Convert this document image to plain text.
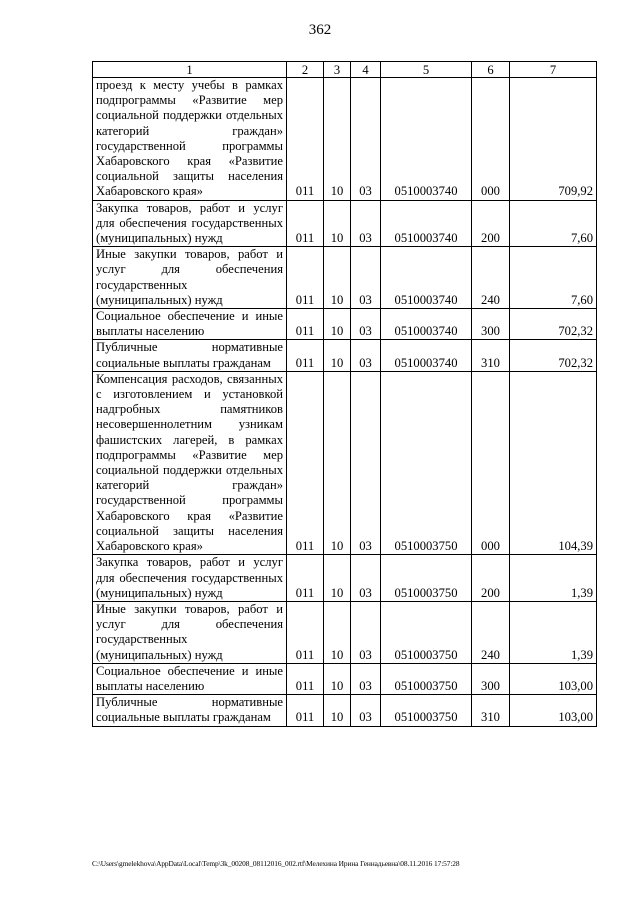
362
1	2	3	4	5	6	7
проезд к месту учебы в рамках подпрограммы «Развитие мер социальной поддержки отдельных категорий граждан» государственной программы Хабаровского края «Развитие социальной защиты населения Хабаровского края»	011	10	03	0510003740	000	709,92
Закупка товаров, работ и услуг для обеспечения государственных (муниципальных) нужд	011	10	03	0510003740	200	7,60
Иные закупки товаров, работ и услуг для обеспечения государственных (муниципальных) нужд	011	10	03	0510003740	240	7,60
Социальное обеспечение и иные выплаты населению	011	10	03	0510003740	300	702,32
Публичные нормативные социальные выплаты гражданам	011	10	03	0510003740	310	702,32
Компенсация расходов, связанных с изготовлением и установкой надгробных памятников несовершеннолетним узникам фашистских лагерей, в рамках подпрограммы «Развитие мер социальной поддержки отдельных категорий граждан» государственной программы Хабаровского края «Развитие социальной защиты населения Хабаровского края»	011	10	03	0510003750	000	104,39
Закупка товаров, работ и услуг для обеспечения государственных (муниципальных) нужд	011	10	03	0510003750	200	1,39
Иные закупки товаров, работ и услуг для обеспечения государственных (муниципальных) нужд	011	10	03	0510003750	240	1,39
Социальное обеспечение и иные выплаты населению	011	10	03	0510003750	300	103,00
Публичные нормативные социальные выплаты гражданам	011	10	03	0510003750	310	103,00
C:\Users\gmelekhova\AppData\Local\Temp\3k_00208_08112016_002.rtf\Мелехина Ирина Геннадьевна\08.11.2016 17:57:28
